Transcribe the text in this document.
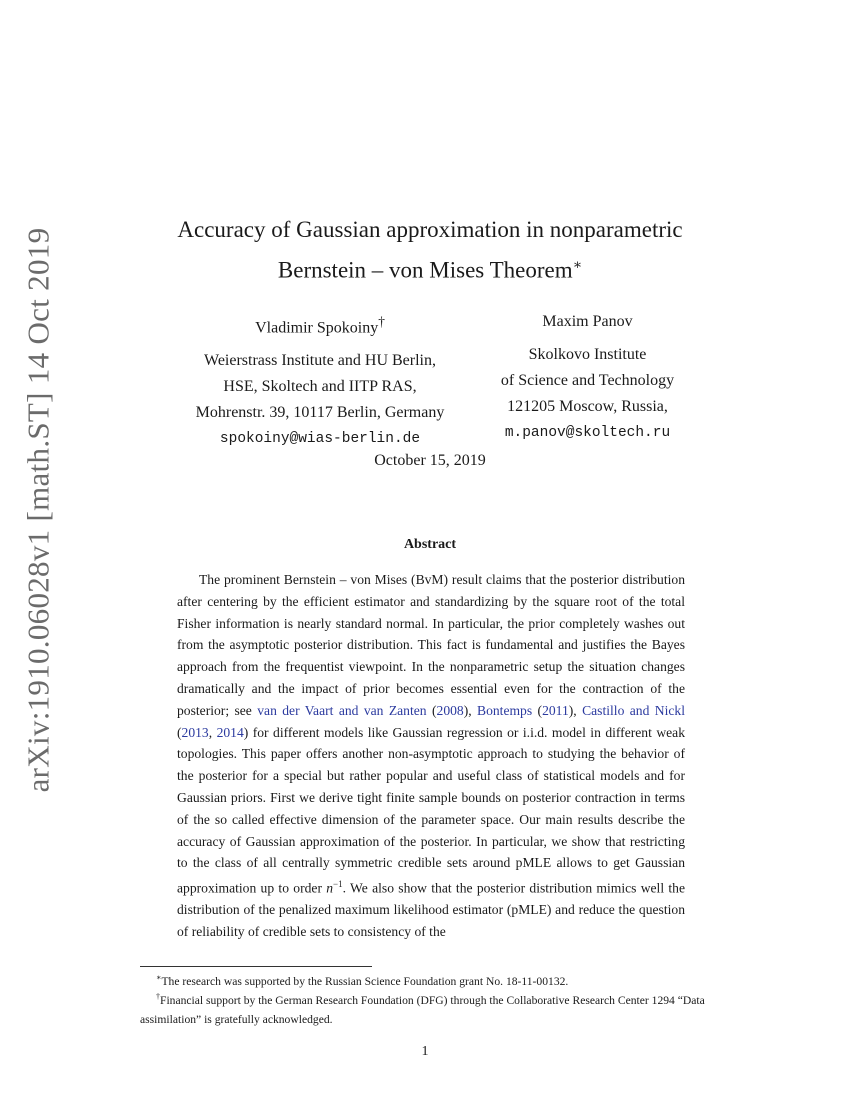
arXiv:1910.06028v1 [math.ST] 14 Oct 2019	Accuracy of Gaussian approximation in nonparametric
Bernstein – von Mises Theorem∗
Vladimir Spokoiny†
Weierstrass Institute and HU Berlin,
HSE, Skoltech and IITP RAS,
Mohrenstr. 39, 10117 Berlin, Germany
spokoiny@wias-berlin.de
Maxim Panov
Skolkovo Institute
of Science and Technology
121205 Moscow, Russia,
m.panov@skoltech.ru
October 15, 2019
Abstract

The prominent Bernstein – von Mises (BvM) result claims that the posterior distribution after centering by the efficient estimator and standardizing by the square root of the total Fisher information is nearly standard normal. In particular, the prior completely washes out from the asymptotic posterior distribution. This fact is fundamental and justifies the Bayes approach from the frequentist viewpoint. In the nonparametric setup the situation changes dramatically and the impact of prior becomes essential even for the contraction of the posterior; see van der Vaart and van Zanten (2008), Bontemps (2011), Castillo and Nickl (2013, 2014) for different models like Gaussian regression or i.i.d. model in different weak topologies. This paper offers another non-asymptotic approach to studying the behavior of the posterior for a special but rather popular and useful class of statistical models and for Gaussian priors. First we derive tight finite sample bounds on posterior contraction in terms of the so called effective dimension of the parameter space. Our main results describe the accuracy of Gaussian approximation of the posterior. In particular, we show that restricting to the class of all centrally symmetric credible sets around pMLE allows to get Gaussian approximation up to order $n^{-1}$. We also show that the posterior distribution mimics well the distribution of the penalized maximum likelihood estimator (pMLE) and reduce the question of reliability of credible sets to consistency of the

∗The research was supported by the Russian Science Foundation grant No. 18-11-00132.

†Financial support by the German Research Foundation (DFG) through the Collaborative Research Center 1294 “Data assimilation” is gratefully acknowledged.

1
